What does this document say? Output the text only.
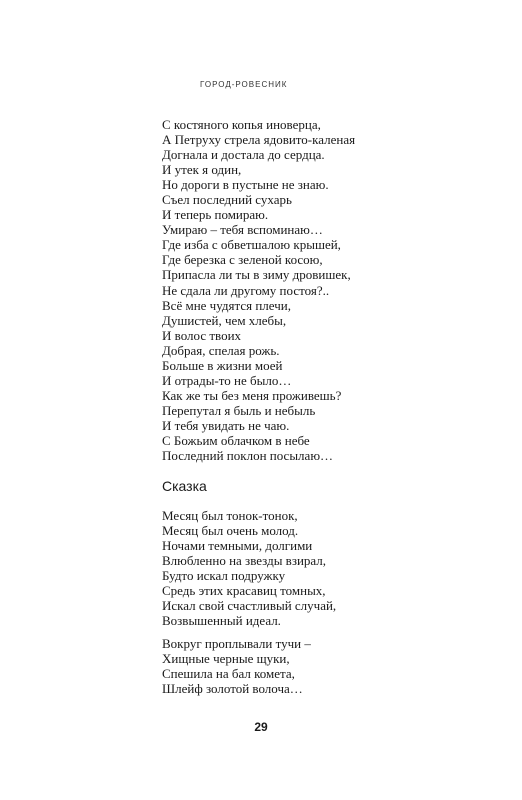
ГОРОД-РОВЕСНИК
С костяного копья иноверца,
А Петруху стрела ядовито-каленая
Догнала и достала до сердца.
И утек я один,
Но дороги в пустыне не знаю.
Съел последний сухарь
И теперь помираю.
Умираю – тебя вспоминаю…
Где изба с обветшалою крышей,
Где березка с зеленой косою,
Припасла ли ты в зиму дровишек,
Не сдала ли другому постоя?..
Всё мне чудятся плечи,
Душистей, чем хлебы,
И волос твоих
Добрая, спелая рожь.
Больше в жизни моей
И отрады-то не было…
Как же ты без меня проживешь?
Перепутал я быль и небыль
И тебя увидать не чаю.
С Божьим облачком в небе
Последний поклон посылаю…
Сказка
Месяц был тонок-тонок,
Месяц был очень молод.
Ночами темными, долгими
Влюбленно на звезды взирал,
Будто искал подружку
Средь этих красавиц томных,
Искал свой счастливый случай,
Возвышенный идеал.
Вокруг проплывали тучи –
Хищные черные щуки,
Спешила на бал комета,
Шлейф золотой волоча…
29
